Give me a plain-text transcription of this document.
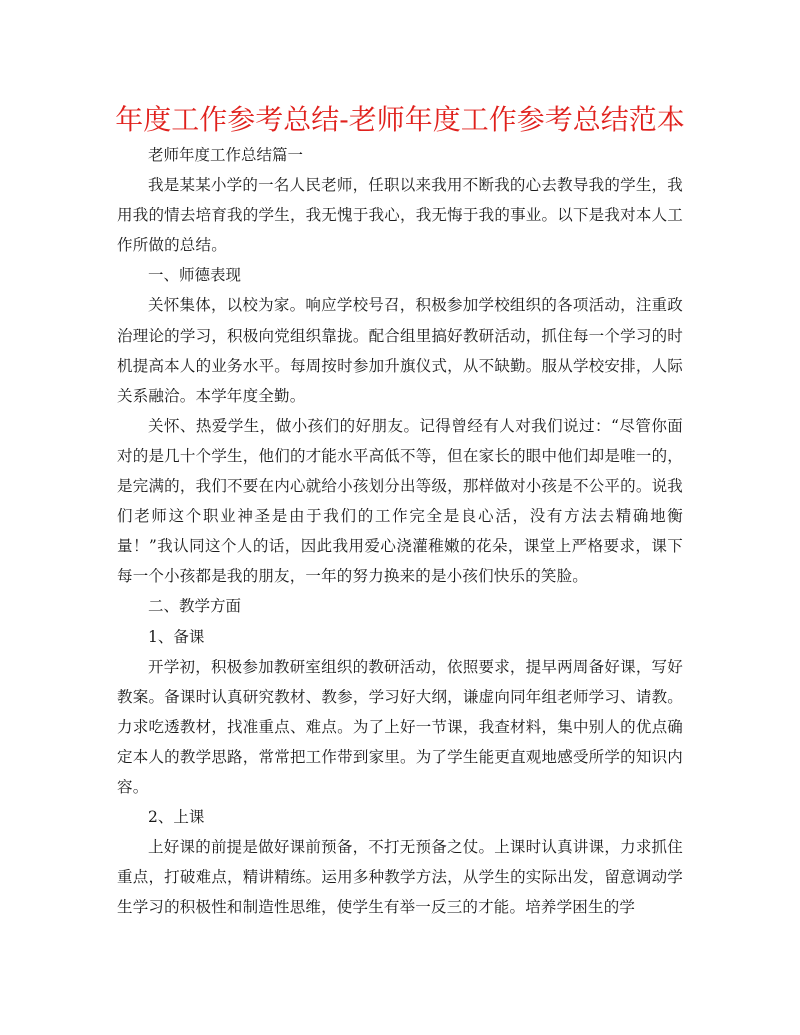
年度工作参考总结-老师年度工作参考总结范本

老师年度工作总结篇一

我是某某小学的一名人民老师，任职以来我用不断我的心去教导我的学生，我用我的情去培育我的学生，我无愧于我心，我无悔于我的事业。以下是我对本人工作所做的总结。

一、师德表现

关怀集体，以校为家。响应学校号召，积极参加学校组织的各项活动，注重政治理论的学习，积极向党组织靠拢。配合组里搞好教研活动，抓住每一个学习的时机提高本人的业务水平。每周按时参加升旗仪式，从不缺勤。服从学校安排，人际关系融洽。本学年度全勤。

关怀、热爱学生，做小孩们的好朋友。记得曾经有人对我们说过：“尽管你面对的是几十个学生，他们的才能水平高低不等，但在家长的眼中他们却是唯一的，是完满的，我们不要在内心就给小孩划分出等级，那样做对小孩是不公平的。说我们老师这个职业神圣是由于我们的工作完全是良心活，没有方法去精确地衡量！”我认同这个人的话，因此我用爱心浇灌稚嫩的花朵，课堂上严格要求，课下每一个小孩都是我的朋友，一年的努力换来的是小孩们快乐的笑脸。

二、教学方面

1、备课

开学初，积极参加教研室组织的教研活动，依照要求，提早两周备好课，写好教案。备课时认真研究教材、教参，学习好大纲，谦虚向同年组老师学习、请教。力求吃透教材，找准重点、难点。为了上好一节课，我查材料，集中别人的优点确定本人的教学思路，常常把工作带到家里。为了学生能更直观地感受所学的知识内容。

2、上课

上好课的前提是做好课前预备，不打无预备之仗。上课时认真讲课，力求抓住重点，打破难点，精讲精练。运用多种教学方法，从学生的实际出发，留意调动学生学习的积极性和制造性思维，使学生有举一反三的才能。培养学困生的学
